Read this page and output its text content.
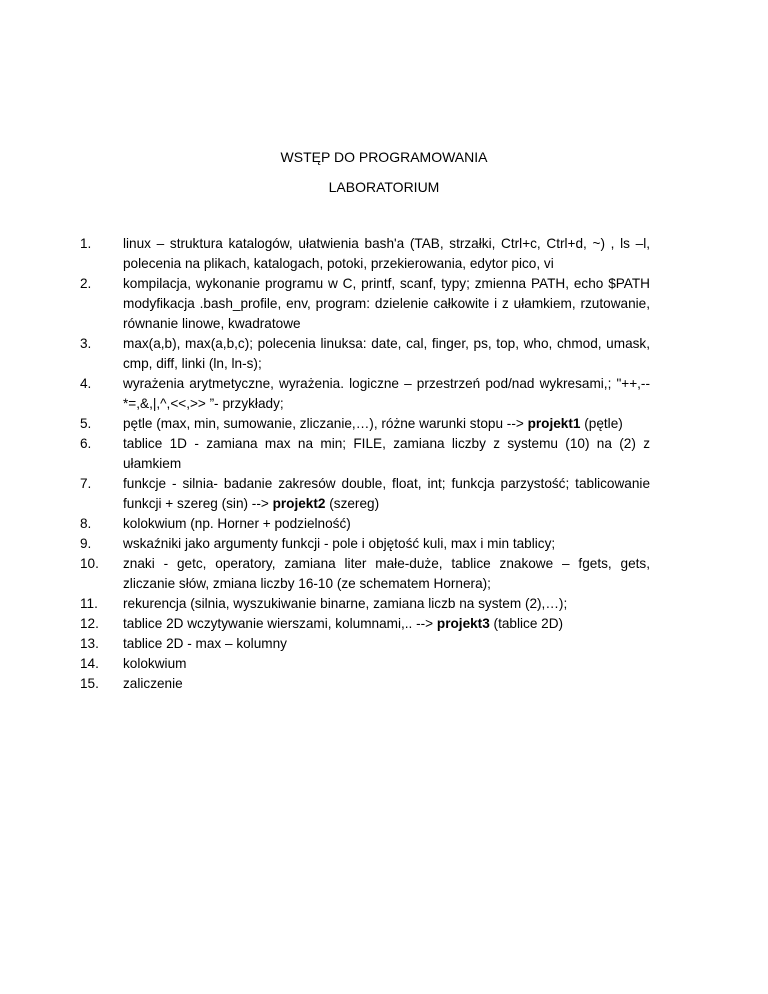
WSTĘP DO PROGRAMOWANIA
LABORATORIUM
1.	linux – struktura katalogów, ułatwienia bash'a (TAB, strzałki, Ctrl+c, Ctrl+d, ~) , ls –l, polecenia na plikach, katalogach, potoki, przekierowania, edytor pico, vi
2.	kompilacja, wykonanie programu w C, printf, scanf, typy; zmienna PATH, echo $PATH modyfikacja .bash_profile, env, program: dzielenie całkowite i z ułamkiem, rzutowanie, równanie linowe, kwadratowe
3.	max(a,b), max(a,b,c); polecenia linuksa: date, cal, finger, ps, top, who, chmod, umask, cmp, diff, linki (ln, ln-s);
4.	wyrażenia arytmetyczne, wyrażenia. logiczne – przestrzeń pod/nad wykresami,; "++,-- *=,&,|,^,<<,>> ”- przykłady;
5.	pętle (max, min, sumowanie, zliczanie,…), różne warunki stopu --> projekt1 (pętle)
6.	tablice 1D - zamiana max na min; FILE, zamiana liczby z systemu (10) na (2) z ułamkiem
7.	funkcje - silnia- badanie zakresów double, float, int; funkcja parzystość; tablicowanie funkcji + szereg (sin) --> projekt2 (szereg)
8.	kolokwium (np. Horner + podzielność)
9.	wskaźniki jako argumenty funkcji - pole i objętość kuli, max i min tablicy;
10.	znaki - getc, operatory, zamiana liter małe-duże, tablice znakowe – fgets, gets, zliczanie słów, zmiana liczby 16-10 (ze schematem Hornera);
11.	rekurencja (silnia, wyszukiwanie binarne, zamiana liczb na system (2),…);
12.	tablice 2D wczytywanie wierszami, kolumnami,.. --> projekt3 (tablice 2D)
13.	tablice 2D - max – kolumny
14.	kolokwium
15.	zaliczenie
